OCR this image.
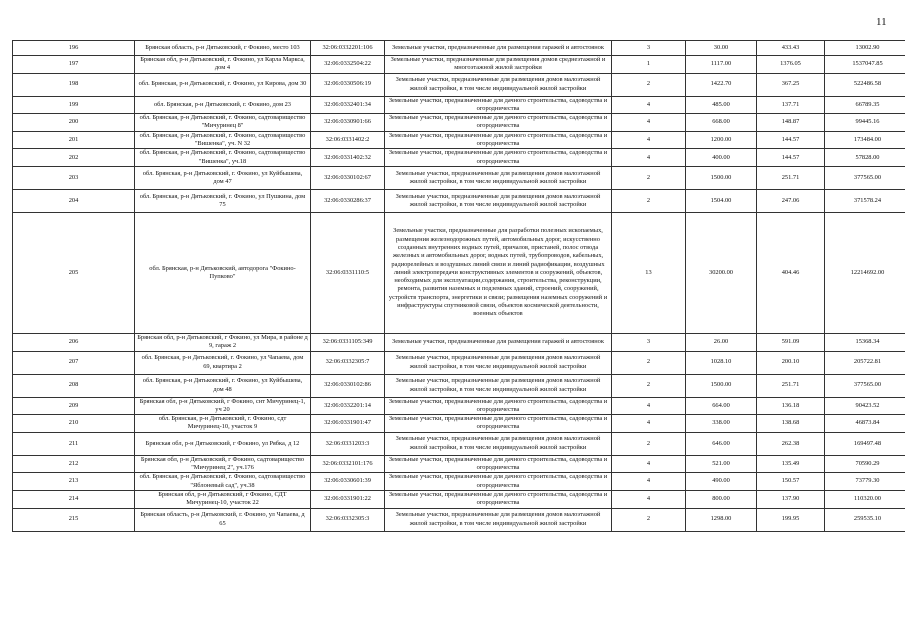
11
196	Брянская область, р-н Дятьковский, г Фокино, место 103	32:06:0332201:106	Земельные участки, предназначенные для размещения гаражей и автостоянок	3	30.00	433.43	13002.90
197	Брянская обл, р-н Дятьковский, г. Фокино, ул Карла Маркса, дом 4	32:06:0332504:22	Земельные участки, предназначенные для размещения домов среднеэтажной и многоэтажной жилой застройки	1	1117.00	1376.05	1537047.85
198	обл. Брянская, р-н Дятьковский, г. Фокино, ул Кирова, дом 30	32:06:0330506:19	Земельные участки, предназначенные для размещения домов малоэтажной жилой застройки, в том числе индивидуальной жилой застройки	2	1422.70	367.25	522486.58
199	обл. Брянская, р-н Дятьковский, г. Фокино, дом 23	32:06:0332401:34	Земельные участки, предназначенные для дачного строительства, садоводства и огородничества	4	485.00	137.71	66789.35
200	обл. Брянская, р-н Дятьковский, г. Фокино, садтоварищество "Мичуринец 8"	32:06:0330901:66	Земельные участки, предназначенные для дачного строительства, садоводства и огородничества	4	668.00	148.87	99445.16
201	обл. Брянская, р-н Дятьковский, г. Фокино, садтоварищество "Вишенка", уч. N 32	32:06:0331402:2	Земельные участки, предназначенные для дачного строительства, садоводства и огородничества	4	1200.00	144.57	173484.00
202	обл. Брянская, р-н Дятьковский, г. Фокино, садтоварищество "Вишенка", уч.18	32:06:0331402:32	Земельные участки, предназначенные для дачного строительства, садоводства и огородничества	4	400.00	144.57	57828.00
203	обл. Брянская, р-н Дятьковский, г. Фокино, ул Куйбышева, дом 47	32:06:0330102:67	Земельные участки, предназначенные для размещения домов малоэтажной жилой застройки, в том числе индивидуальной жилой застройки	2	1500.00	251.71	377565.00
204	обл. Брянская, р-н Дятьковский, г. Фокино, ул Пушкина, дом 75	32:06:0330286:37	Земельные участки, предназначенные для размещения домов малоэтажной жилой застройки, в том числе индивидуальной жилой застройки	2	1504.00	247.06	371578.24
205	обл. Брянская, р-н Дятьковский, автодорога "Фокино-Пупково"	32:06:0331110:5	Земельные участки, предназначенные для разработки полезных ископаемых, размещения железнодорожных путей, автомобильных дорог, искусственно созданных внутренних водных путей, причалов, пристаней, полос отвода железных и автомобильных дорог, водных путей, трубопроводов, кабельных, радиорелейных и воздушных линий связи и линий радиофикации, воздушных линий электропередачи конструктивных элементов и сооружений, объектов, необходимых для эксплуатации,содержания, строительства, реконструкции, ремонта, развития наземных и подземных зданий, строений, сооружений, устройств транспорта, энергетики и связи; размещения наземных сооружений и инфраструктуры спутниковой связи, объектов космической деятельности, военных объектов	13	30200.00	404.46	12214692.00
206	Брянская обл, р-н Дятьковский, г Фокино, ул Мира, в районе д 9, гараж 2	32:06:0331105:349	Земельные участки, предназначенные для размещения гаражей и автостоянок	3	26.00	591.09	15368.34
207	обл. Брянская, р-н Дятьковский, г. Фокино, ул Чапаева, дом 69, квартира 2	32:06:0332305:7	Земельные участки, предназначенные для размещения домов малоэтажной жилой застройки, в том числе индивидуальной жилой застройки	2	1028.10	200.10	205722.81
208	обл. Брянская, р-н Дятьковский, г. Фокино, ул Куйбышева, дом 48	32:06:0330102:86	Земельные участки, предназначенные для размещения домов малоэтажной жилой застройки, в том числе индивидуальной жилой застройки	2	1500.00	251.71	377565.00
209	Брянская обл, р-н Дятьковский, г Фокино, снт Мичуринец-1, уч 20	32:06:0332201:14	Земельные участки, предназначенные для дачного строительства, садоводства и огородничества	4	664.00	136.18	90423.52
210	обл. Брянская, р-н Дятьковский, г. Фокино, сдт Мичуринец-10, участок 9	32:06:0331901:47	Земельные участки, предназначенные для дачного строительства, садоводства и огородничества	4	338.00	138.68	46873.84
211	Брянская обл, р-н Дятьковский, г Фокино, ул Рябка, д 12	32:06:0331203:3	Земельные участки, предназначенные для размещения домов малоэтажной жилой застройки, в том числе индивидуальной жилой застройки	2	646.00	262.38	169497.48
212	Брянская обл, р-н Дятьковский, г Фокино, садтоварищество "Мичуринец 2", уч.176	32:06:0332101:176	Земельные участки, предназначенные для дачного строительства, садоводства и огородничества	4	521.00	135.49	70590.29
213	обл. Брянская, р-н Дятьковский, г. Фокино, садтоварищество "Яблоневый сад", уч.38	32:06:0330601:39	Земельные участки, предназначенные для дачного строительства, садоводства и огородничества	4	490.00	150.57	73779.30
214	Брянская обл, р-н Дятьковский, г Фокино, СДТ Мичуринец-10, участок 22	32:06:0331901:22	Земельные участки, предназначенные для дачного строительства, садоводства и огородничества	4	800.00	137.90	110320.00
215	Брянская область, р-н Дятьковский, г. Фокино, ул Чапаева, д 65	32:06:0332305:3	Земельные участки, предназначенные для размещения домов малоэтажной жилой застройки, в том числе индивидуальной жилой застройки	2	1298.00	199.95	259535.10
